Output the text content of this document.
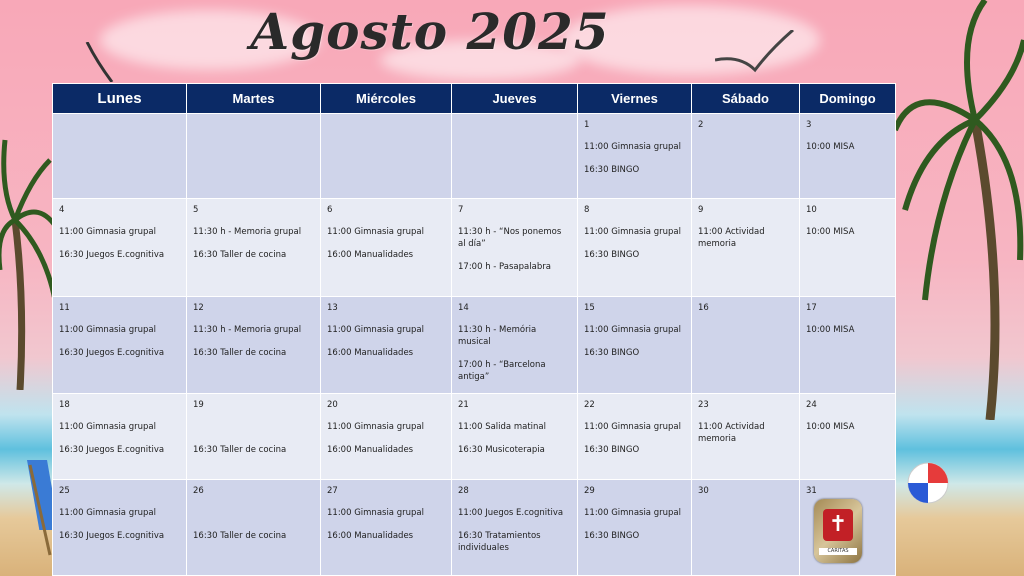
Agosto 2025
Lunes	Martes	Miércoles	Jueves	Viernes	Sábado	Domingo

				1
11:00 Gimnasia grupal
16:30 BINGO	2	3
10:00 MISA

4
11:00 Gimnasia grupal
16:30 Juegos E.cognitiva	5
11:30 h - Memoria grupal
16:30 Taller de cocina	6
11:00 Gimnasia grupal
16:00 Manualidades	7
11:30 h - “Nos ponemos al día”
17:00 h - Pasapalabra	8
11:00 Gimnasia grupal
16:30 BINGO	9
11:00 Actividad memoria	10
10:00 MISA

11
11:00 Gimnasia grupal
16:30 Juegos E.cognitiva	12
11:30 h - Memoria grupal
16:30 Taller de cocina	13
11:00 Gimnasia grupal
16:00 Manualidades	14
11:30 h - Memória musical
17:00 h - “Barcelona antiga”	15
11:00 Gimnasia grupal
16:30 BINGO	16	17
10:00 MISA

18
11:00 Gimnasia grupal
16:30 Juegos E.cognitiva	19

16:30 Taller de cocina	20
11:00 Gimnasia grupal
16:00 Manualidades	21
11:00 Salida matinal
16:30 Musicoterapia	22
11:00 Gimnasia grupal
16:30 BINGO	23
11:00 Actividad memoria	24
10:00 MISA

25
11:00 Gimnasia grupal
16:30 Juegos E.cognitiva	26

16:30 Taller de cocina	27
11:00 Gimnasia grupal
16:00 Manualidades	28
11:00 Juegos E.cognitiva
16:30 Tratamientos individuales	29
11:00 Gimnasia grupal
16:30 BINGO	30	31
✝
CARITAS
